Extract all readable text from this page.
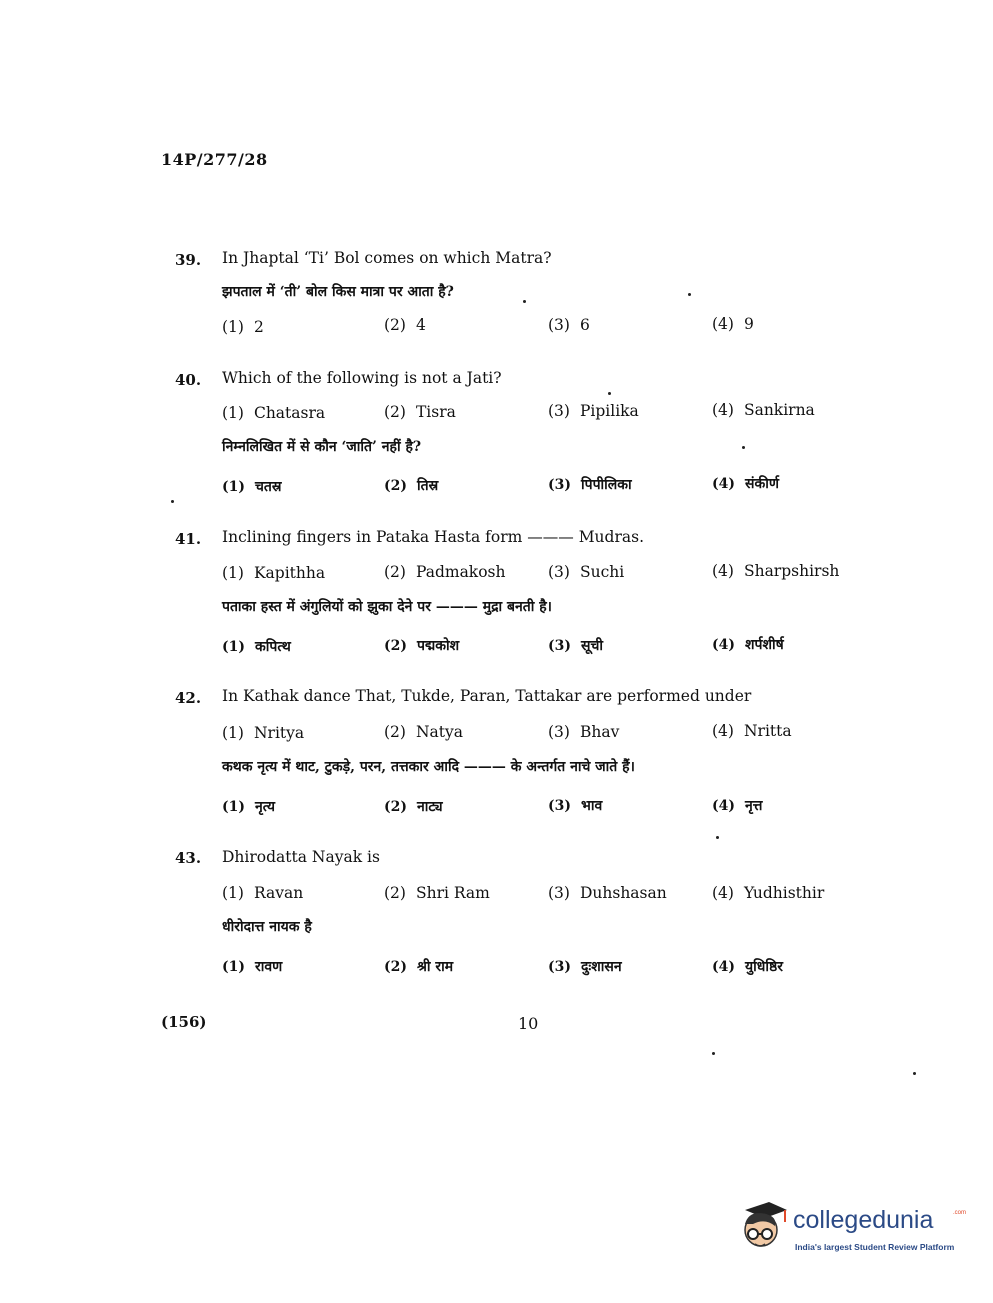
14P/277/28
39. In Jhaptal ‘Ti’ Bol comes on which Matra?
झपताल में ‘ती’ बोल किस मात्रा पर आता है?
(1) 2	(2) 4	(3) 6	(4) 9
40. Which of the following is not a Jati?
(1) Chatasra	(2) Tisra	(3) Pipilika	(4) Sankirna
निम्नलिखित में से कौन ‘जाति’ नहीं है?
(1) चतस्र	(2) तिस्र	(3) पिपीलिका	(4) संकीर्ण
41. Inclining fingers in Pataka Hasta form ——— Mudras.
(1) Kapithha	(2) Padmakosh	(3) Suchi	(4) Sharpshirsh
पताका हस्त में अंगुलियों को झुका देने पर ——— मुद्रा बनती है।
(1) कपित्थ	(2) पद्मकोश	(3) सूची	(4) शर्पशीर्ष
42. In Kathak dance That, Tukde, Paran, Tattakar are performed under
(1) Nritya	(2) Natya	(3) Bhav	(4) Nritta
कथक नृत्य में थाट, टुकड़े, परन, तत्तकार आदि ——— के अन्तर्गत नाचे जाते हैं।
(1) नृत्य	(2) नाट्य	(3) भाव	(4) नृत्त
43. Dhirodatta Nayak is
(1) Ravan	(2) Shri Ram	(3) Duhshasan	(4) Yudhisthir
धीरोदात्त नायक है
(1) रावण	(2) श्री राम	(3) दुःशासन	(4) युधिष्ठिर
(156)	10
collegedunia	.com
India's largest Student Review Platform
